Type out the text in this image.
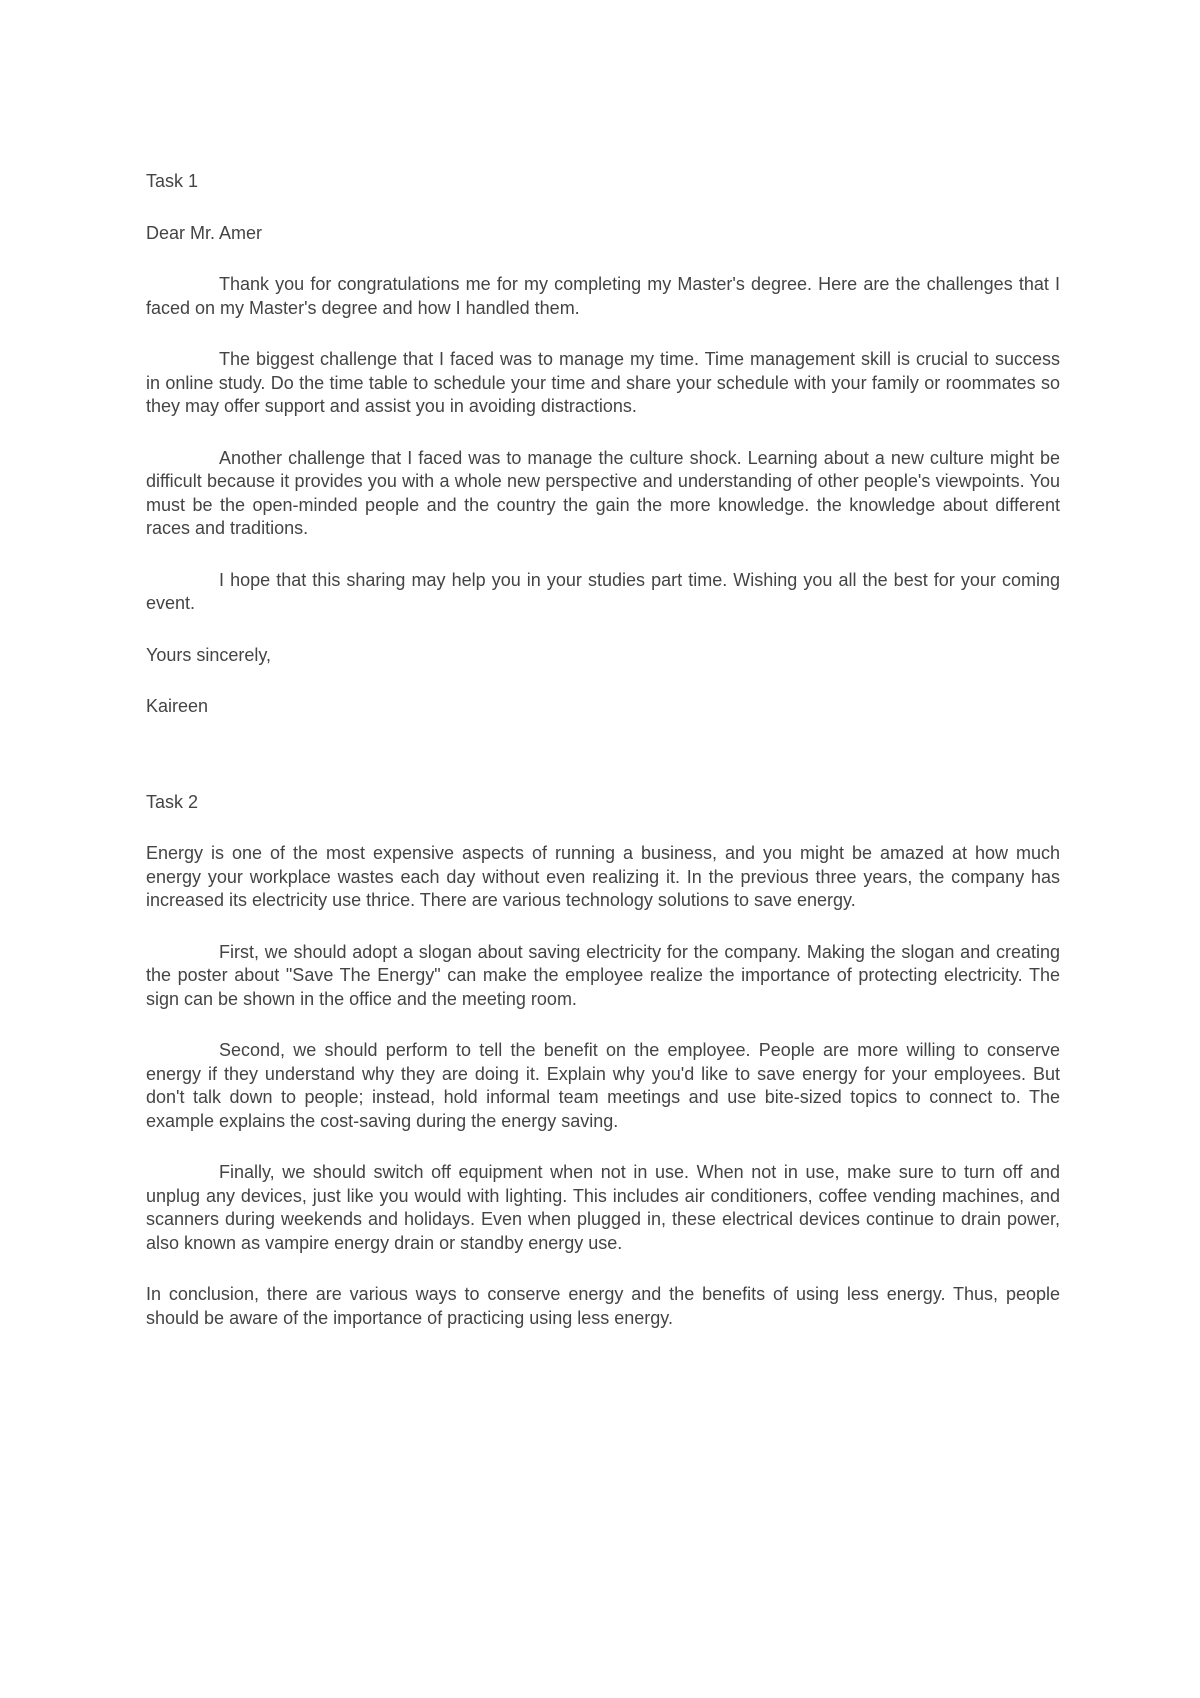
Task 1
Dear Mr. Amer

Thank you for congratulations me for my completing my Master's degree. Here are the challenges that I faced on my Master's degree and how I handled them.

The biggest challenge that I faced was to manage my time. Time management skill is crucial to success in online study. Do the time table to schedule your time and share your schedule with your family or roommates so they may offer support and assist you in avoiding distractions.

Another challenge that I faced was to manage the culture shock. Learning about a new culture might be difficult because it provides you with a whole new perspective and understanding of other people's viewpoints. You must be the open-minded people and the country the gain the more knowledge. the knowledge about different races and traditions.

I hope that this sharing may help you in your studies part time. Wishing you all the best for your coming event.

Yours sincerely,
Kaireen
Task 2

Energy is one of the most expensive aspects of running a business, and you might be amazed at how much energy your workplace wastes each day without even realizing it. In the previous three years, the company has increased its electricity use thrice. There are various technology solutions to save energy.

First, we should adopt a slogan about saving electricity for the company. Making the slogan and creating the poster about "Save The Energy" can make the employee realize the importance of protecting electricity. The sign can be shown in the office and the meeting room.

Second, we should perform to tell the benefit on the employee. People are more willing to conserve energy if they understand why they are doing it. Explain why you'd like to save energy for your employees. But don't talk down to people; instead, hold informal team meetings and use bite-sized topics to connect to. The example explains the cost-saving during the energy saving.

Finally, we should switch off equipment when not in use. When not in use, make sure to turn off and unplug any devices, just like you would with lighting. This includes air conditioners, coffee vending machines, and scanners during weekends and holidays. Even when plugged in, these electrical devices continue to drain power, also known as vampire energy drain or standby energy use.

In conclusion, there are various ways to conserve energy and the benefits of using less energy. Thus, people should be aware of the importance of practicing using less energy.
